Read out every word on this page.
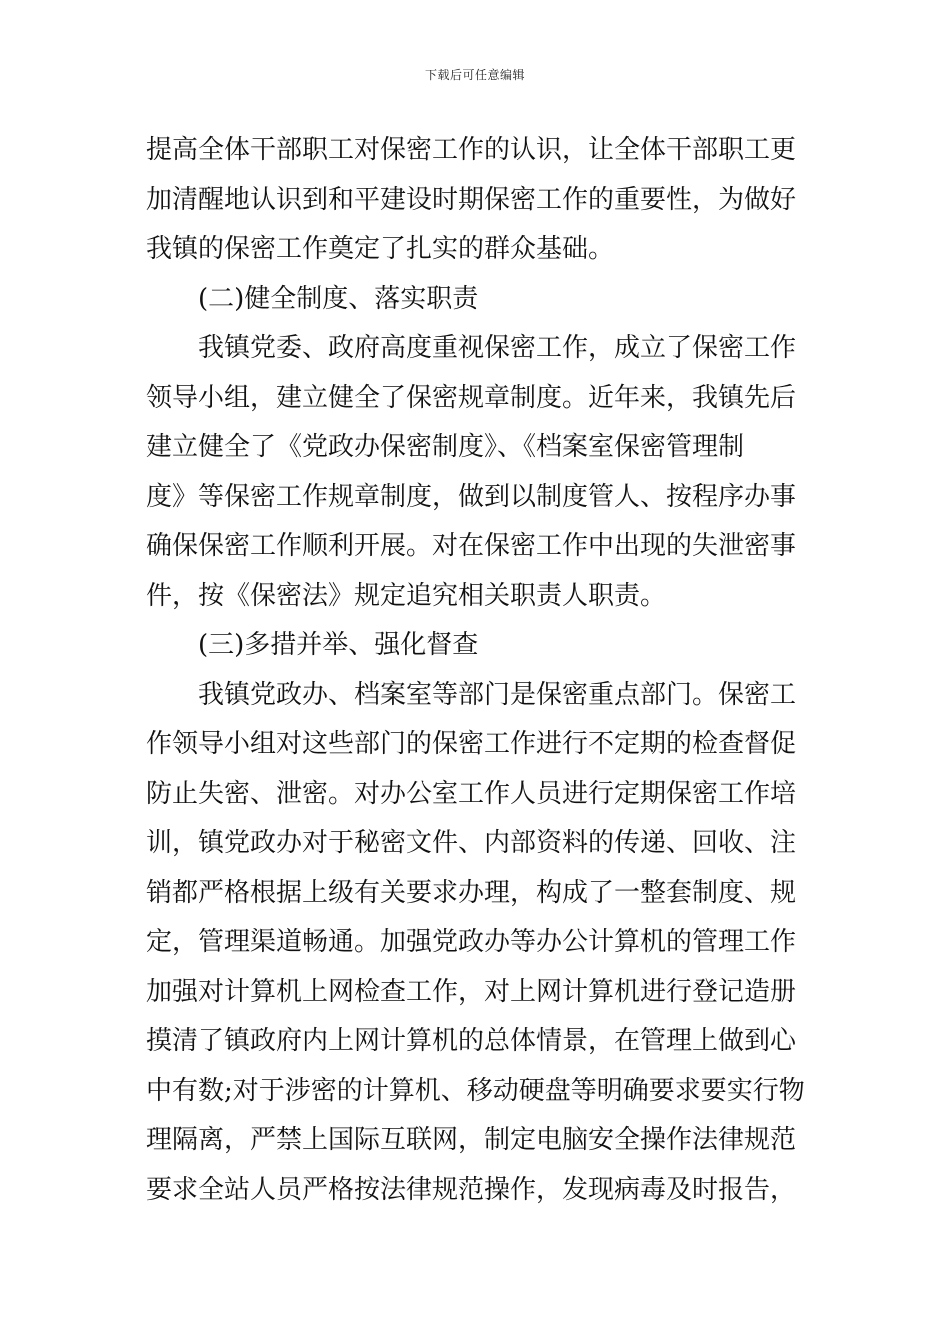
下载后可任意编辑
提高全体干部职工对保密工作的认识，让全体干部职工更
加清醒地认识到和平建设时期保密工作的重要性，为做好
我镇的保密工作奠定了扎实的群众基础。
(二)健全制度、落实职责
我镇党委、政府高度重视保密工作，成立了保密工作
领导小组，建立健全了保密规章制度。近年来，我镇先后
建立健全了《党政办保密制度》、《档案室保密管理制
度》等保密工作规章制度，做到以制度管人、按程序办事
确保保密工作顺利开展。对在保密工作中出现的失泄密事
件，按《保密法》规定追究相关职责人职责。
(三)多措并举、强化督查
我镇党政办、档案室等部门是保密重点部门。保密工
作领导小组对这些部门的保密工作进行不定期的检查督促
防止失密、泄密。对办公室工作人员进行定期保密工作培
训，镇党政办对于秘密文件、内部资料的传递、回收、注
销都严格根据上级有关要求办理，构成了一整套制度、规
定，管理渠道畅通。加强党政办等办公计算机的管理工作
加强对计算机上网检查工作，对上网计算机进行登记造册
摸清了镇政府内上网计算机的总体情景，在管理上做到心
中有数;对于涉密的计算机、移动硬盘等明确要求要实行物
理隔离，严禁上国际互联网，制定电脑安全操作法律规范
要求全站人员严格按法律规范操作，发现病毒及时报告，
